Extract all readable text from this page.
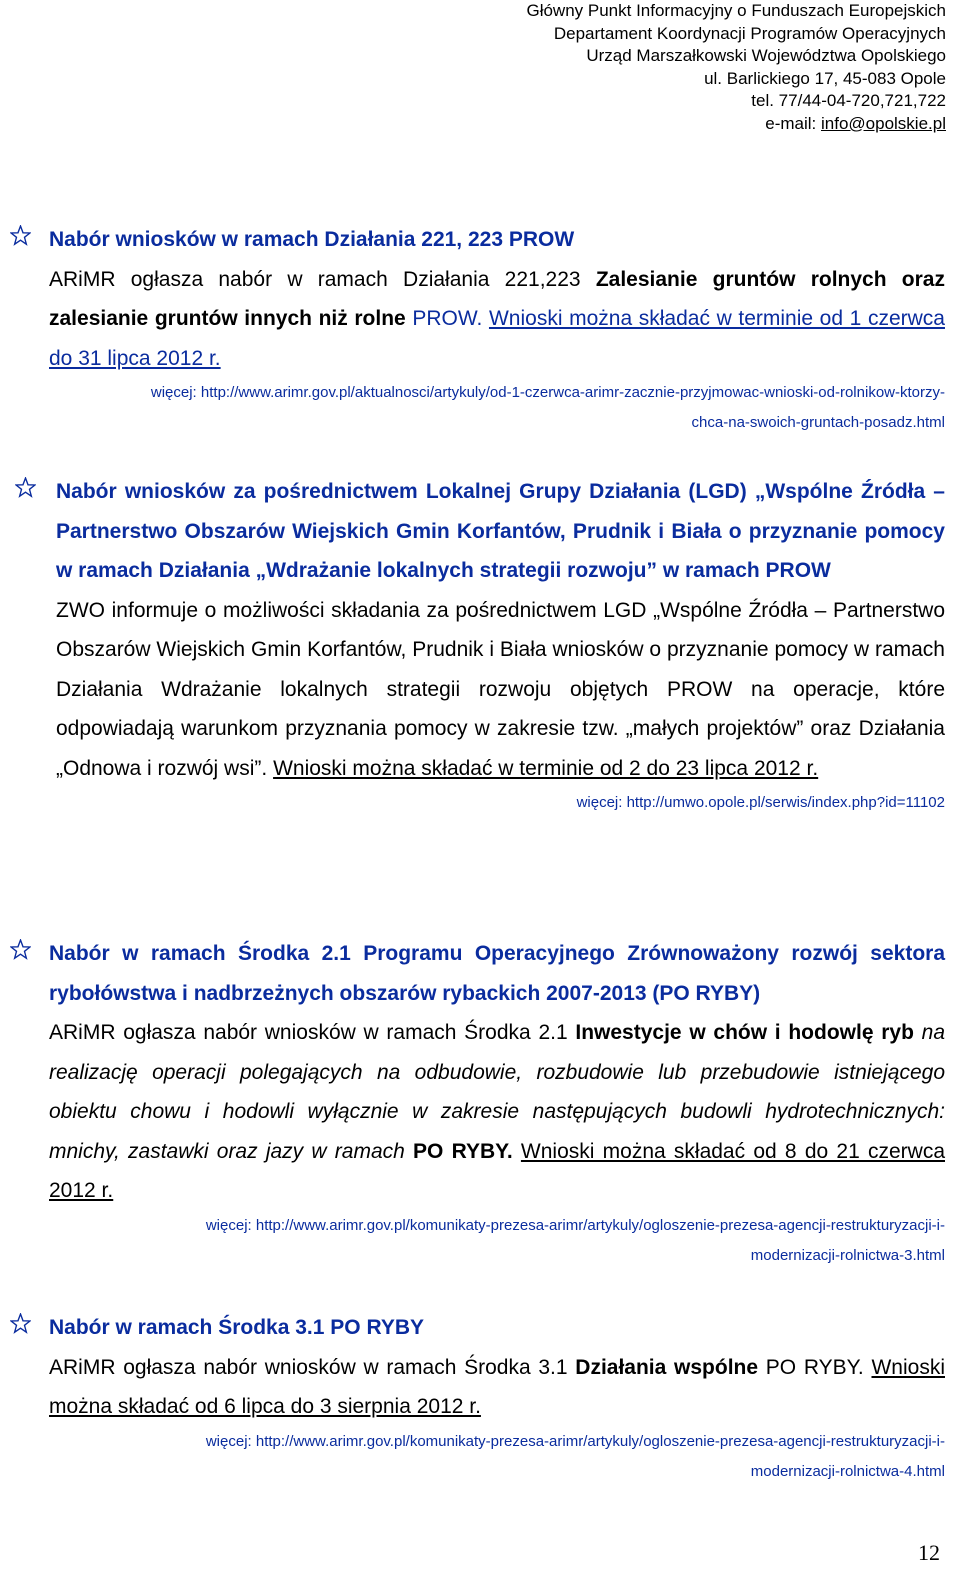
Główny Punkt Informacyjny o Funduszach Europejskich
Departament Koordynacji Programów Operacyjnych
Urząd Marszałkowski Województwa Opolskiego
ul. Barlickiego 17, 45-083 Opole
tel. 77/44-04-720,721,722
e-mail: info@opolskie.pl

Nabór wniosków w ramach Działania 221, 223 PROW

ARiMR ogłasza nabór w ramach Działania 221,223 Zalesianie gruntów rolnych oraz zalesianie gruntów innych niż rolne PROW. Wnioski można składać w terminie od 1 czerwca do 31 lipca 2012 r.

więcej: http://www.arimr.gov.pl/aktualnosci/artykuly/od-1-czerwca-arimr-zacznie-przyjmowac-wnioski-od-rolnikow-ktorzy-
chca-na-swoich-gruntach-posadz.html

Nabór wniosków za pośrednictwem Lokalnej Grupy Działania (LGD) „Wspólne Źródła – Partnerstwo Obszarów Wiejskich Gmin Korfantów, Prudnik i Biała o przyznanie pomocy w ramach Działania „Wdrażanie lokalnych strategii rozwoju” w ramach PROW

ZWO informuje o możliwości składania za pośrednictwem LGD „Wspólne Źródła – Partnerstwo Obszarów Wiejskich Gmin Korfantów, Prudnik i Biała wniosków o przyznanie pomocy w ramach Działania Wdrażanie lokalnych strategii rozwoju objętych PROW na operacje, które odpowiadają warunkom przyznania pomocy w zakresie tzw. „małych projektów” oraz Działania „Odnowa i rozwój wsi”. Wnioski można składać w terminie od 2 do 23 lipca 2012 r.

więcej: http://umwo.opole.pl/serwis/index.php?id=11102

Nabór w ramach Środka 2.1 Programu Operacyjnego Zrównoważony rozwój sektora rybołówstwa i nadbrzeżnych obszarów rybackich 2007-2013 (PO RYBY)

ARiMR ogłasza nabór wniosków w ramach Środka 2.1 Inwestycje w chów i hodowlę ryb na realizację operacji polegających na odbudowie, rozbudowie lub przebudowie istniejącego obiektu chowu i hodowli wyłącznie w zakresie następujących budowli hydrotechnicznych: mnichy, zastawki oraz jazy w ramach PO RYBY. Wnioski można składać od 8 do 21 czerwca 2012 r.

więcej: http://www.arimr.gov.pl/komunikaty-prezesa-arimr/artykuly/ogloszenie-prezesa-agencji-restrukturyzacji-i-
modernizacji-rolnictwa-3.html

Nabór w ramach Środka 3.1 PO RYBY

ARiMR ogłasza nabór wniosków w ramach Środka 3.1 Działania wspólne PO RYBY. Wnioski można składać od 6 lipca do 3 sierpnia 2012 r.

więcej: http://www.arimr.gov.pl/komunikaty-prezesa-arimr/artykuly/ogloszenie-prezesa-agencji-restrukturyzacji-i-
modernizacji-rolnictwa-4.html

12
